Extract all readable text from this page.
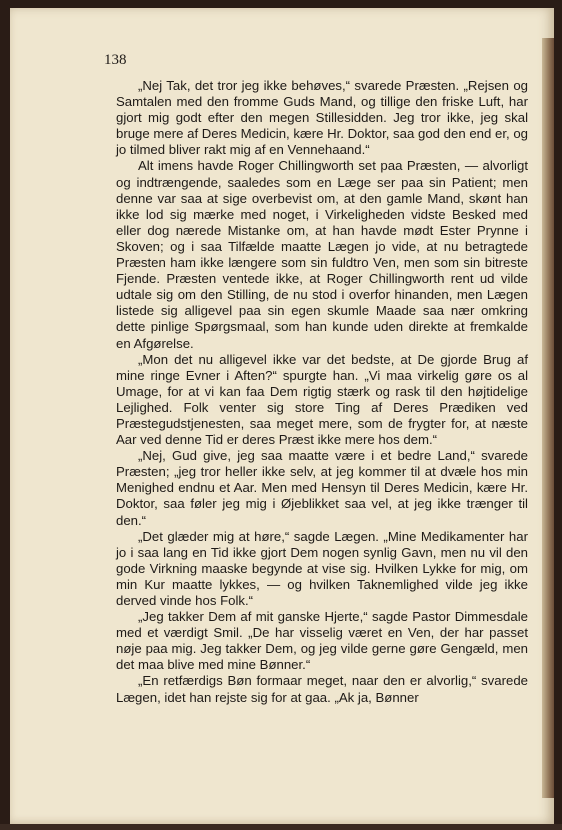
138

„Nej Tak, det tror jeg ikke behøves,“ svarede Præsten. „Rejsen og Samtalen med den fromme Guds Mand, og tillige den friske Luft, har gjort mig godt efter den megen Stillesidden. Jeg tror ikke, jeg skal bruge mere af Deres Medicin, kære Hr. Doktor, saa god den end er, og jo tilmed bliver rakt mig af en Vennehaand.“

Alt imens havde Roger Chillingworth set paa Præsten, — alvorligt og indtrængende, saaledes som en Læge ser paa sin Patient; men denne var saa at sige overbevist om, at den gamle Mand, skønt han ikke lod sig mærke med noget, i Virkeligheden vidste Besked med eller dog nærede Mistanke om, at han havde mødt Ester Prynne i Skoven; og i saa Tilfælde maatte Lægen jo vide, at nu betragtede Præsten ham ikke længere som sin fuldtro Ven, men som sin bitreste Fjende. Præsten ventede ikke, at Roger Chillingworth rent ud vilde udtale sig om den Stilling, de nu stod i overfor hinanden, men Lægen listede sig alligevel paa sin egen skumle Maade saa nær omkring dette pinlige Spørgsmaal, som han kunde uden direkte at fremkalde en Afgørelse.

„Mon det nu alligevel ikke var det bedste, at De gjorde Brug af mine ringe Evner i Aften?“ spurgte han. „Vi maa virkelig gøre os al Umage, for at vi kan faa Dem rigtig stærk og rask til den højtidelige Lejlighed. Folk venter sig store Ting af Deres Prædiken ved Præstegudstjenesten, saa meget mere, som de frygter for, at næste Aar ved denne Tid er deres Præst ikke mere hos dem.“

„Nej, Gud give, jeg saa maatte være i et bedre Land,“ svarede Præsten; „jeg tror heller ikke selv, at jeg kommer til at dvæle hos min Menighed endnu et Aar. Men med Hensyn til Deres Medicin, kære Hr. Doktor, saa føler jeg mig i Øjeblikket saa vel, at jeg ikke trænger til den.“

„Det glæder mig at høre,“ sagde Lægen. „Mine Medikamenter har jo i saa lang en Tid ikke gjort Dem nogen synlig Gavn, men nu vil den gode Virkning maaske begynde at vise sig. Hvilken Lykke for mig, om min Kur maatte lykkes, — og hvilken Taknemlighed vilde jeg ikke derved vinde hos Folk.“

„Jeg takker Dem af mit ganske Hjerte,“ sagde Pastor Dimmesdale med et værdigt Smil. „De har visselig været en Ven, der har passet nøje paa mig. Jeg takker Dem, og jeg vilde gerne gøre Gengæld, men det maa blive med mine Bønner.“

„En retfærdigs Bøn formaar meget, naar den er alvorlig,“ svarede Lægen, idet han rejste sig for at gaa. „Ak ja, Bønner
